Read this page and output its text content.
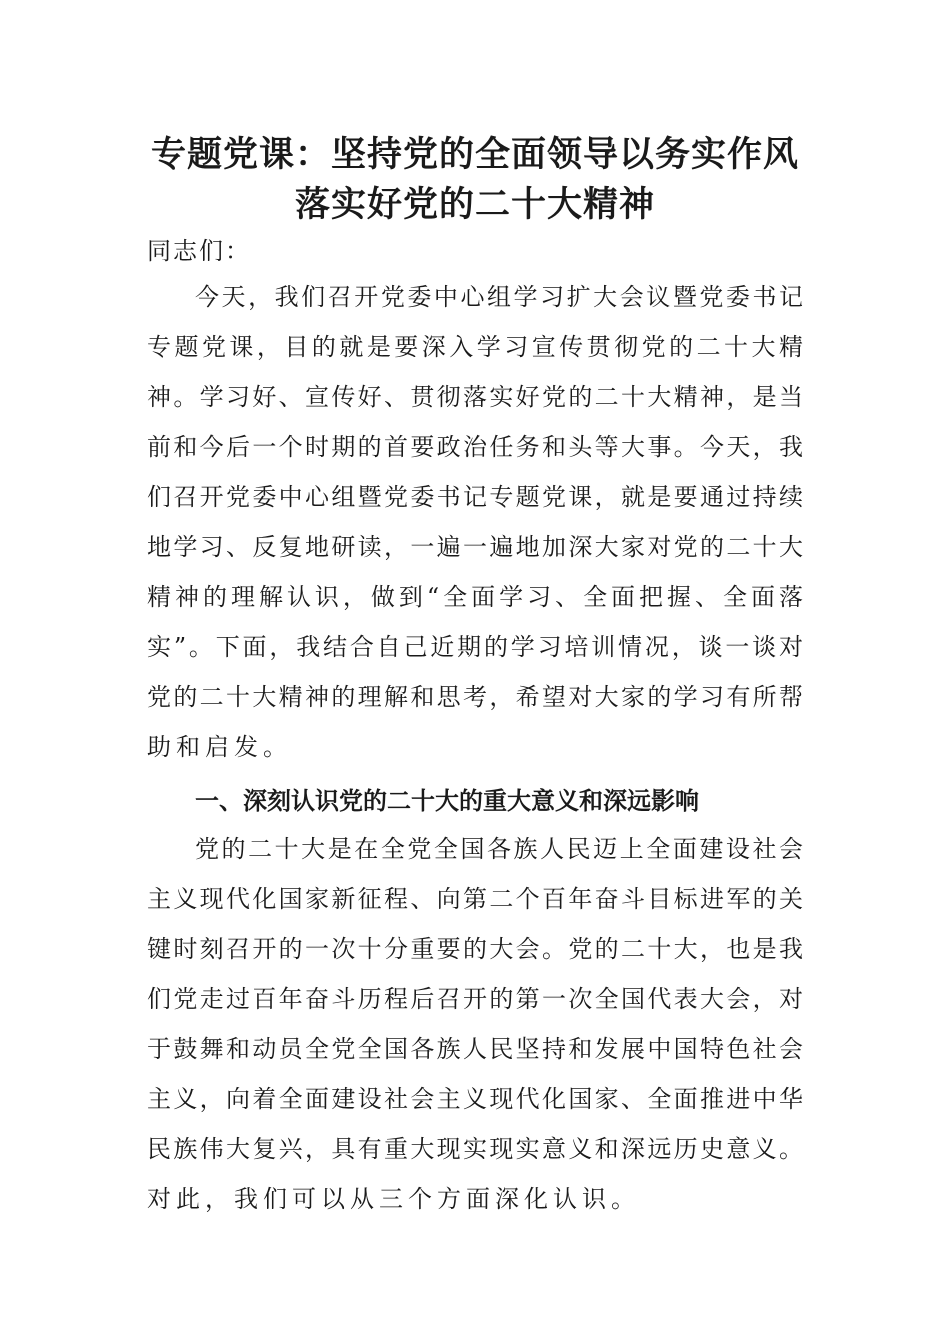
专题党课：坚持党的全面领导以务实作风
落实好党的二十大精神
同志们：
今天，我们召开党委中心组学习扩大会议暨党委书记
专题党课，目的就是要深入学习宣传贯彻党的二十大精
神。学习好、宣传好、贯彻落实好党的二十大精神，是当
前和今后一个时期的首要政治任务和头等大事。今天，我
们召开党委中心组暨党委书记专题党课，就是要通过持续
地学习、反复地研读，一遍一遍地加深大家对党的二十大
精神的理解认识，做到“全面学习、全面把握、全面落
实”。下面，我结合自己近期的学习培训情况，谈一谈对
党的二十大精神的理解和思考，希望对大家的学习有所帮
助和启发。
一、深刻认识党的二十大的重大意义和深远影响
党的二十大是在全党全国各族人民迈上全面建设社会
主义现代化国家新征程、向第二个百年奋斗目标进军的关
键时刻召开的一次十分重要的大会。党的二十大，也是我
们党走过百年奋斗历程后召开的第一次全国代表大会，对
于鼓舞和动员全党全国各族人民坚持和发展中国特色社会
主义，向着全面建设社会主义现代化国家、全面推进中华
民族伟大复兴，具有重大现实现实意义和深远历史意义。
对此，我们可以从三个方面深化认识。
